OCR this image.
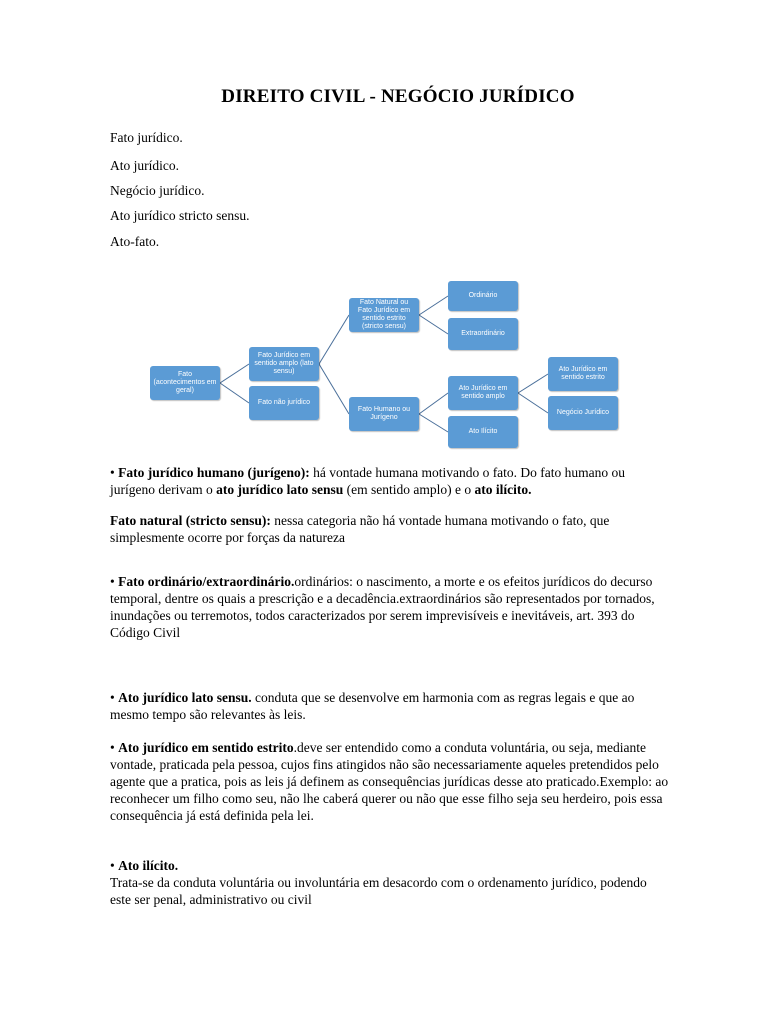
DIREITO CIVIL - NEGÓCIO JURÍDICO
Fato jurídico.
Ato jurídico.
Negócio jurídico.
Ato jurídico stricto sensu.
Ato-fato.
Fato (acontecimentos em geral)
Fato Jurídico em sentido amplo (lato sensu)
Fato não jurídico
Fato Natural ou Fato Jurídico em sentido estrito (stricto sensu)
Fato Humano ou Jurígeno
Ordinário
Extraordinário
Ato Jurídico em sentido amplo
Ato Ilícito
Ato Jurídico em sentido estrito
Negócio Jurídico
• Fato jurídico humano (jurígeno): há vontade humana motivando o fato. Do fato humano ou jurígeno derivam o ato jurídico lato sensu (em sentido amplo) e o ato ilícito.
Fato natural (stricto sensu): nessa categoria não há vontade humana motivando o fato, que simplesmente ocorre por forças da natureza
• Fato ordinário/extraordinário.ordinários: o nascimento, a morte e os efeitos jurídicos do decurso temporal, dentre os quais a prescrição e a decadência.extraordinários são representados por tornados, inundações ou terremotos, todos caracterizados por serem imprevisíveis e inevitáveis, art. 393 do Código Civil
• Ato jurídico lato sensu. conduta que se desenvolve em harmonia com as regras legais e que ao mesmo tempo são relevantes às leis.
• Ato jurídico em sentido estrito.deve ser entendido como a conduta voluntária, ou seja, mediante vontade, praticada pela pessoa, cujos fins atingidos não são necessariamente aqueles pretendidos pelo agente que a pratica, pois as leis já definem as consequências jurídicas desse ato praticado.Exemplo: ao reconhecer um filho como seu, não lhe caberá querer ou não que esse filho seja seu herdeiro, pois essa consequência já está definida pela lei.
• Ato ilícito.
Trata-se da conduta voluntária ou involuntária em desacordo com o ordenamento jurídico, podendo este ser penal, administrativo ou civil
